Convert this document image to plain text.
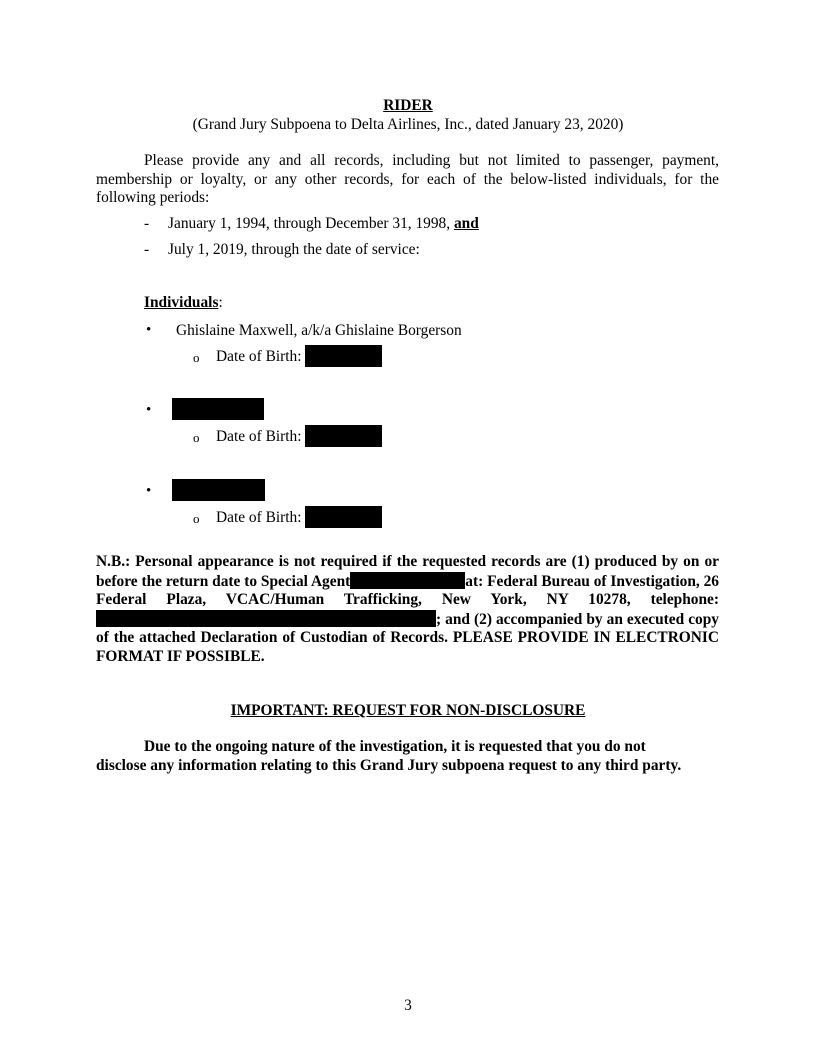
RIDER
(Grand Jury Subpoena to Delta Airlines, Inc., dated January 23, 2020)
Please provide any and all records, including but not limited to passenger, payment, membership or loyalty, or any other records, for each of the below-listed individuals, for the following periods:
- January 1, 1994, through December 31, 1998, and
- July 1, 2019, through the date of service:
Individuals:
• Ghislaine Maxwell, a/k/a Ghislaine Borgerson
o Date of Birth:
•
o Date of Birth:
•
o Date of Birth:
N.B.: Personal appearance is not required if the requested records are (1) produced by on or before the return date to Special Agent	at: Federal Bureau of Investigation, 26 Federal Plaza, VCAC/Human Trafficking, New York, NY 10278, telephone: ; and (2) accompanied by an executed copy of the attached Declaration of Custodian of Records. PLEASE PROVIDE IN ELECTRONIC FORMAT IF POSSIBLE.
IMPORTANT: REQUEST FOR NON-DISCLOSURE
Due to the ongoing nature of the investigation, it is requested that you do not
disclose any information relating to this Grand Jury subpoena request to any third party.
3
